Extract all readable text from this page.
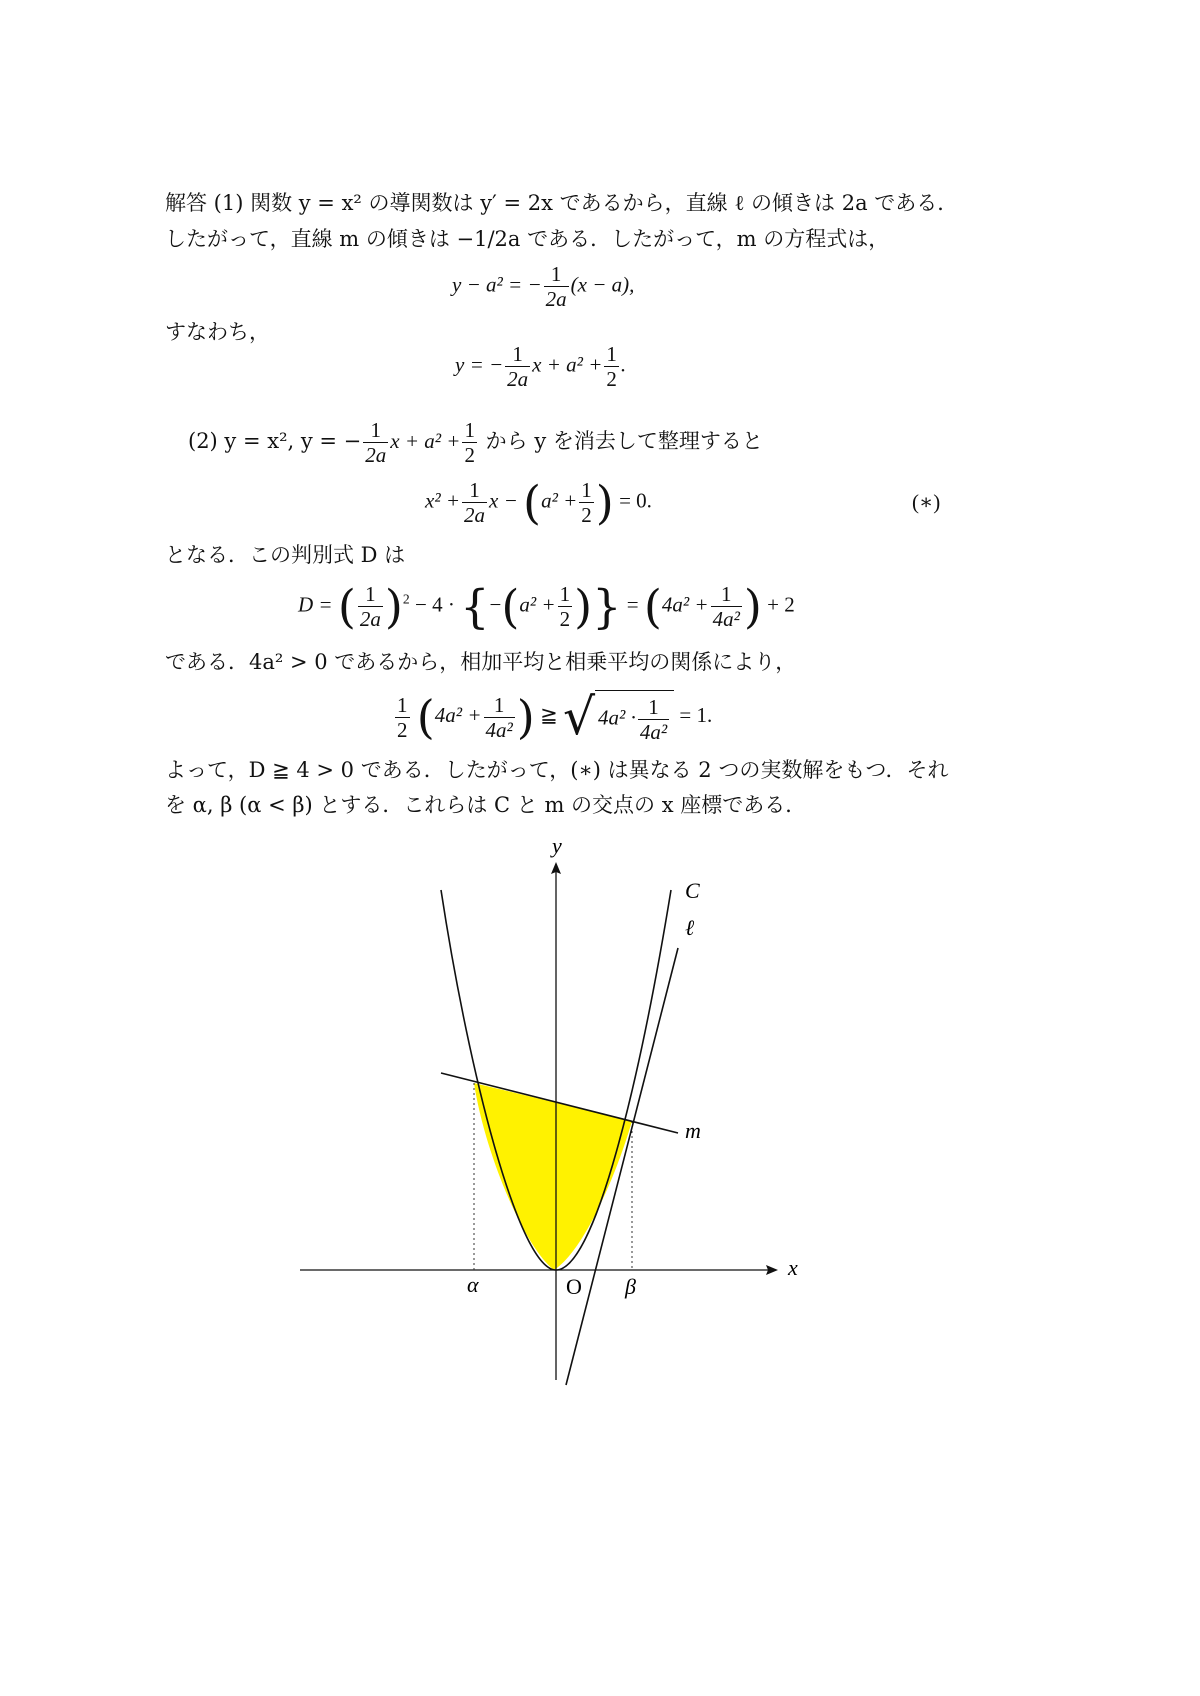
解答 (1) 関数 y = x² の導関数は y′ = 2x であるから，直線 ℓ の傾きは 2a である．
したがって，直線 m の傾きは −1/2a である．したがって，m の方程式は，
y − a² = − $\frac{1}{2a} (x - a)$,
すなわち，
y = − $\frac{1}{2a}$ $x + a^2 + \frac{1}{2}$ .
(2) y = x², y = − $\frac{1}{2a}$ $x + a^2 + \frac{1}{2}$ から y を消去して整理すると
$x^2 + \frac{1}{2a}$ $x - (a^2 + \frac{1}{2}$ ) = 0.	(∗)
となる．この判別式 D は
D = ( $\frac{1}{2a} )^2 - 4 \cdot \{-(a^2 + \frac{1}{2}$ )} = ($4a^2 + \frac{1}{\text{4a²}}$ ) + 2
である．4a² > 0 であるから，相加平均と相乗平均の関係により，
$\frac{1}{2} (4a^2 + \frac{1}{\text{4a²}}$ ) ≧ √ $4a^2 \cdot \frac{1}{\text{4a²}} = 1$.
よって，D ≧ 4 > 0 である．したがって，(∗) は異なる 2 つの実数解をもつ．それ
を α, β (α < β) とする．これらは C と m の交点の x 座標である．
y
x
O
α	β
C
ℓ
m
